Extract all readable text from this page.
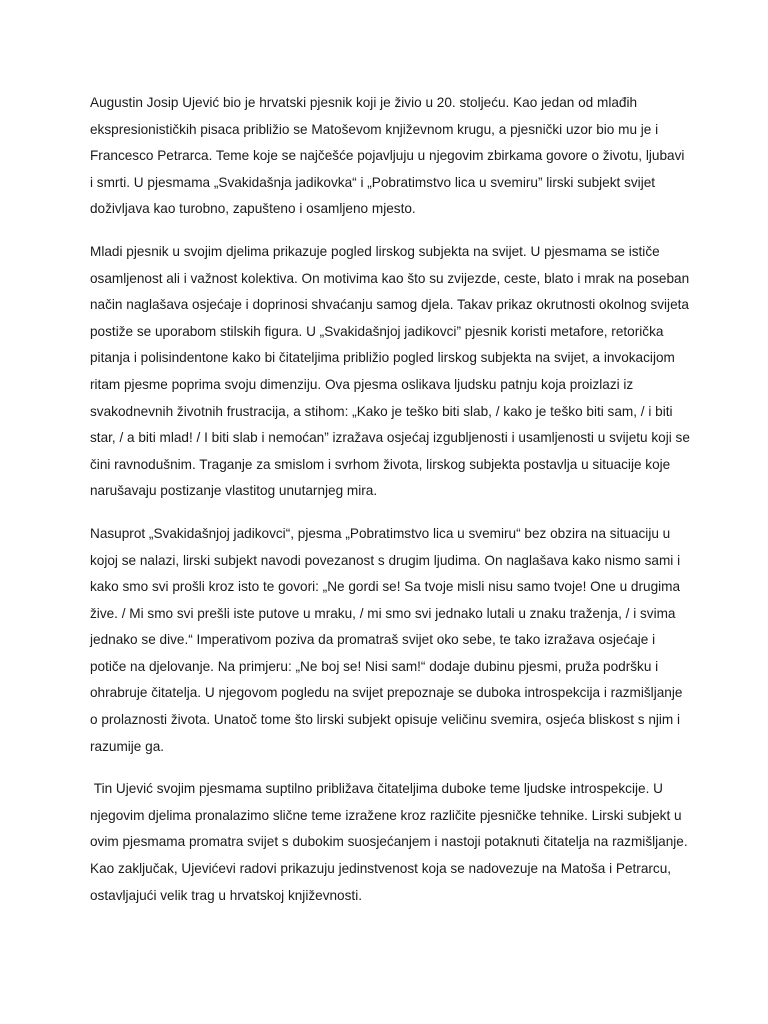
Augustin Josip Ujević bio je hrvatski pjesnik koji je živio u 20. stoljeću. Kao jedan od mlađih ekspresionističkih pisaca približio se Matoševom književnom krugu, a pjesnički uzor bio mu je i Francesco Petrarca. Teme koje se najčešće pojavljuju u njegovim zbirkama govore o životu, ljubavi i smrti. U pjesmama „Svakidašnja jadikovka“ i „Pobratimstvo lica u svemiru” lirski subjekt svijet doživljava kao turobno, zapušteno i osamljeno mjesto.

Mladi pjesnik u svojim djelima prikazuje pogled lirskog subjekta na svijet. U pjesmama se ističe osamljenost ali i važnost kolektiva. On motivima kao što su zvijezde, ceste, blato i mrak na poseban način naglašava osjećaje i doprinosi shvaćanju samog djela. Takav prikaz okrutnosti okolnog svijeta postiže se uporabom stilskih figura. U „Svakidašnjoj jadikovci” pjesnik koristi metafore, retorička pitanja i polisindentone kako bi čitateljima približio pogled lirskog subjekta na svijet, a invokacijom ritam pjesme poprima svoju dimenziju. Ova pjesma oslikava ljudsku patnju koja proizlazi iz svakodnevnih životnih frustracija, a stihom: „Kako je teško biti slab, / kako je teško biti sam, / i biti star, / a biti mlad! / I biti slab i nemoćan” izražava osjećaj izgubljenosti i usamljenosti u svijetu koji se čini ravnodušnim. Traganje za smislom i svrhom života, lirskog subjekta postavlja u situacije koje narušavaju postizanje vlastitog unutarnjeg mira.

Nasuprot „Svakidašnjoj jadikovci“, pjesma „Pobratimstvo lica u svemiru“ bez obzira na situaciju u kojoj se nalazi, lirski subjekt navodi povezanost s drugim ljudima. On naglašava kako nismo sami i kako smo svi prošli kroz isto te govori: „Ne gordi se! Sa tvoje misli nisu samo tvoje! One u drugima žive. / Mi smo svi prešli iste putove u mraku, / mi smo svi jednako lutali u znaku traženja, / i svima jednako se dive.“ Imperativom poziva da promatraš svijet oko sebe, te tako izražava osjećaje i potiče na djelovanje. Na primjeru: „Ne boj se! Nisi sam!“ dodaje dubinu pjesmi, pruža podršku i ohrabruje čitatelja. U njegovom pogledu na svijet prepoznaje se duboka introspekcija i razmišljanje o prolaznosti života. Unatoč tome što lirski subjekt opisuje veličinu svemira, osjeća bliskost s njim i razumije ga.

Tin Ujević svojim pjesmama suptilno približava čitateljima duboke teme ljudske introspekcije. U njegovim djelima pronalazimo slične teme izražene kroz različite pjesničke tehnike. Lirski subjekt u ovim pjesmama promatra svijet s dubokim suosjećanjem i nastoji potaknuti čitatelja na razmišljanje. Kao zaključak, Ujevićevi radovi prikazuju jedinstvenost koja se nadovezuje na Matoša i Petrarcu, ostavljajući velik trag u hrvatskoj književnosti.
